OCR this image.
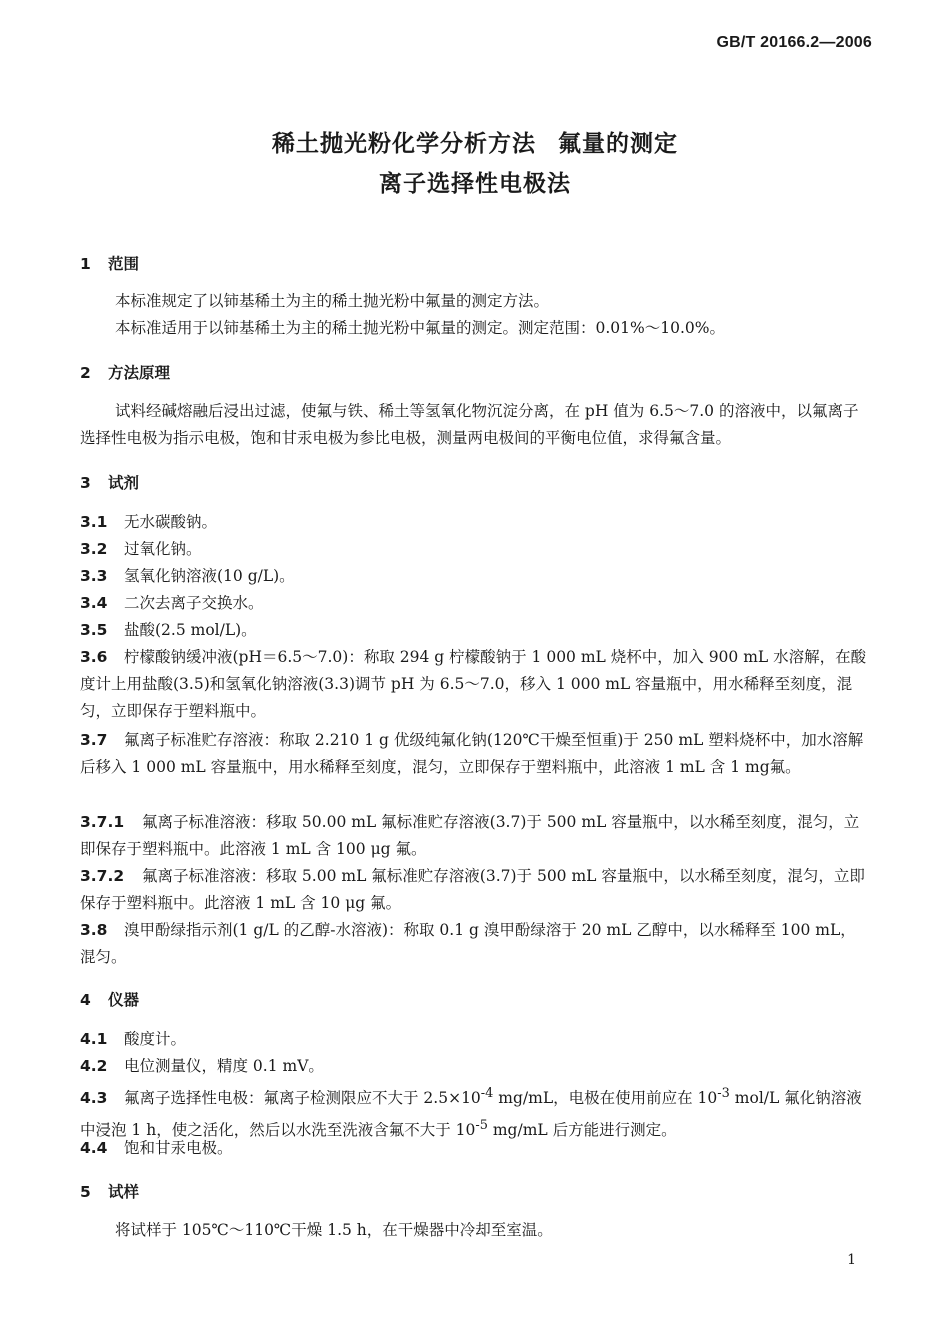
GB/T 20166.2—2006
稀土抛光粉化学分析方法 氟量的测定
离子选择性电极法
1 范围
本标准规定了以铈基稀土为主的稀土抛光粉中氟量的测定方法。
本标准适用于以铈基稀土为主的稀土抛光粉中氟量的测定。测定范围：0.01%～10.0%。
2 方法原理
试料经碱熔融后浸出过滤，使氟与铁、稀土等氢氧化物沉淀分离，在 pH 值为 6.5～7.0 的溶液中，以氟离子选择性电极为指示电极，饱和甘汞电极为参比电极，测量两电极间的平衡电位值，求得氟含量。
3 试剂
3.1 无水碳酸钠。
3.2 过氧化钠。
3.3 氢氧化钠溶液(10 g/L)。
3.4 二次去离子交换水。
3.5 盐酸(2.5 mol/L)。
3.6 柠檬酸钠缓冲液(pH＝6.5～7.0)：称取 294 g 柠檬酸钠于 1 000 mL 烧杯中，加入 900 mL 水溶解，在酸度计上用盐酸(3.5)和氢氧化钠溶液(3.3)调节 pH 为 6.5～7.0，移入 1 000 mL 容量瓶中，用水稀释至刻度，混匀，立即保存于塑料瓶中。
3.7 氟离子标准贮存溶液：称取 2.210 1 g 优级纯氟化钠(120℃干燥至恒重)于 250 mL 塑料烧杯中，加水溶解后移入 1 000 mL 容量瓶中，用水稀释至刻度，混匀，立即保存于塑料瓶中，此溶液 1 mL 含 1 mg氟。
3.7.1 氟离子标准溶液：移取 50.00 mL 氟标准贮存溶液(3.7)于 500 mL 容量瓶中，以水稀至刻度，混匀，立即保存于塑料瓶中。此溶液 1 mL 含 100 μg 氟。
3.7.2 氟离子标准溶液：移取 5.00 mL 氟标准贮存溶液(3.7)于 500 mL 容量瓶中，以水稀至刻度，混匀，立即保存于塑料瓶中。此溶液 1 mL 含 10 μg 氟。
3.8 溴甲酚绿指示剂(1 g/L 的乙醇-水溶液)：称取 0.1 g 溴甲酚绿溶于 20 mL 乙醇中，以水稀释至 100 mL，混匀。
4 仪器
4.1 酸度计。
4.2 电位测量仪，精度 0.1 mV。
4.3 氟离子选择性电极：氟离子检测限应不大于 $2.5\times 10^{-4}$ mg/mL，电极在使用前应在 $10^{-3}$ mol/L 氟化钠溶液中浸泡 1 h，使之活化，然后以水洗至洗液含氟不大于 $10^{-5}$ mg/mL 后方能进行测定。
4.4 饱和甘汞电极。
5 试样
将试样于 105℃～110℃干燥 1.5 h，在干燥器中冷却至室温。
1
